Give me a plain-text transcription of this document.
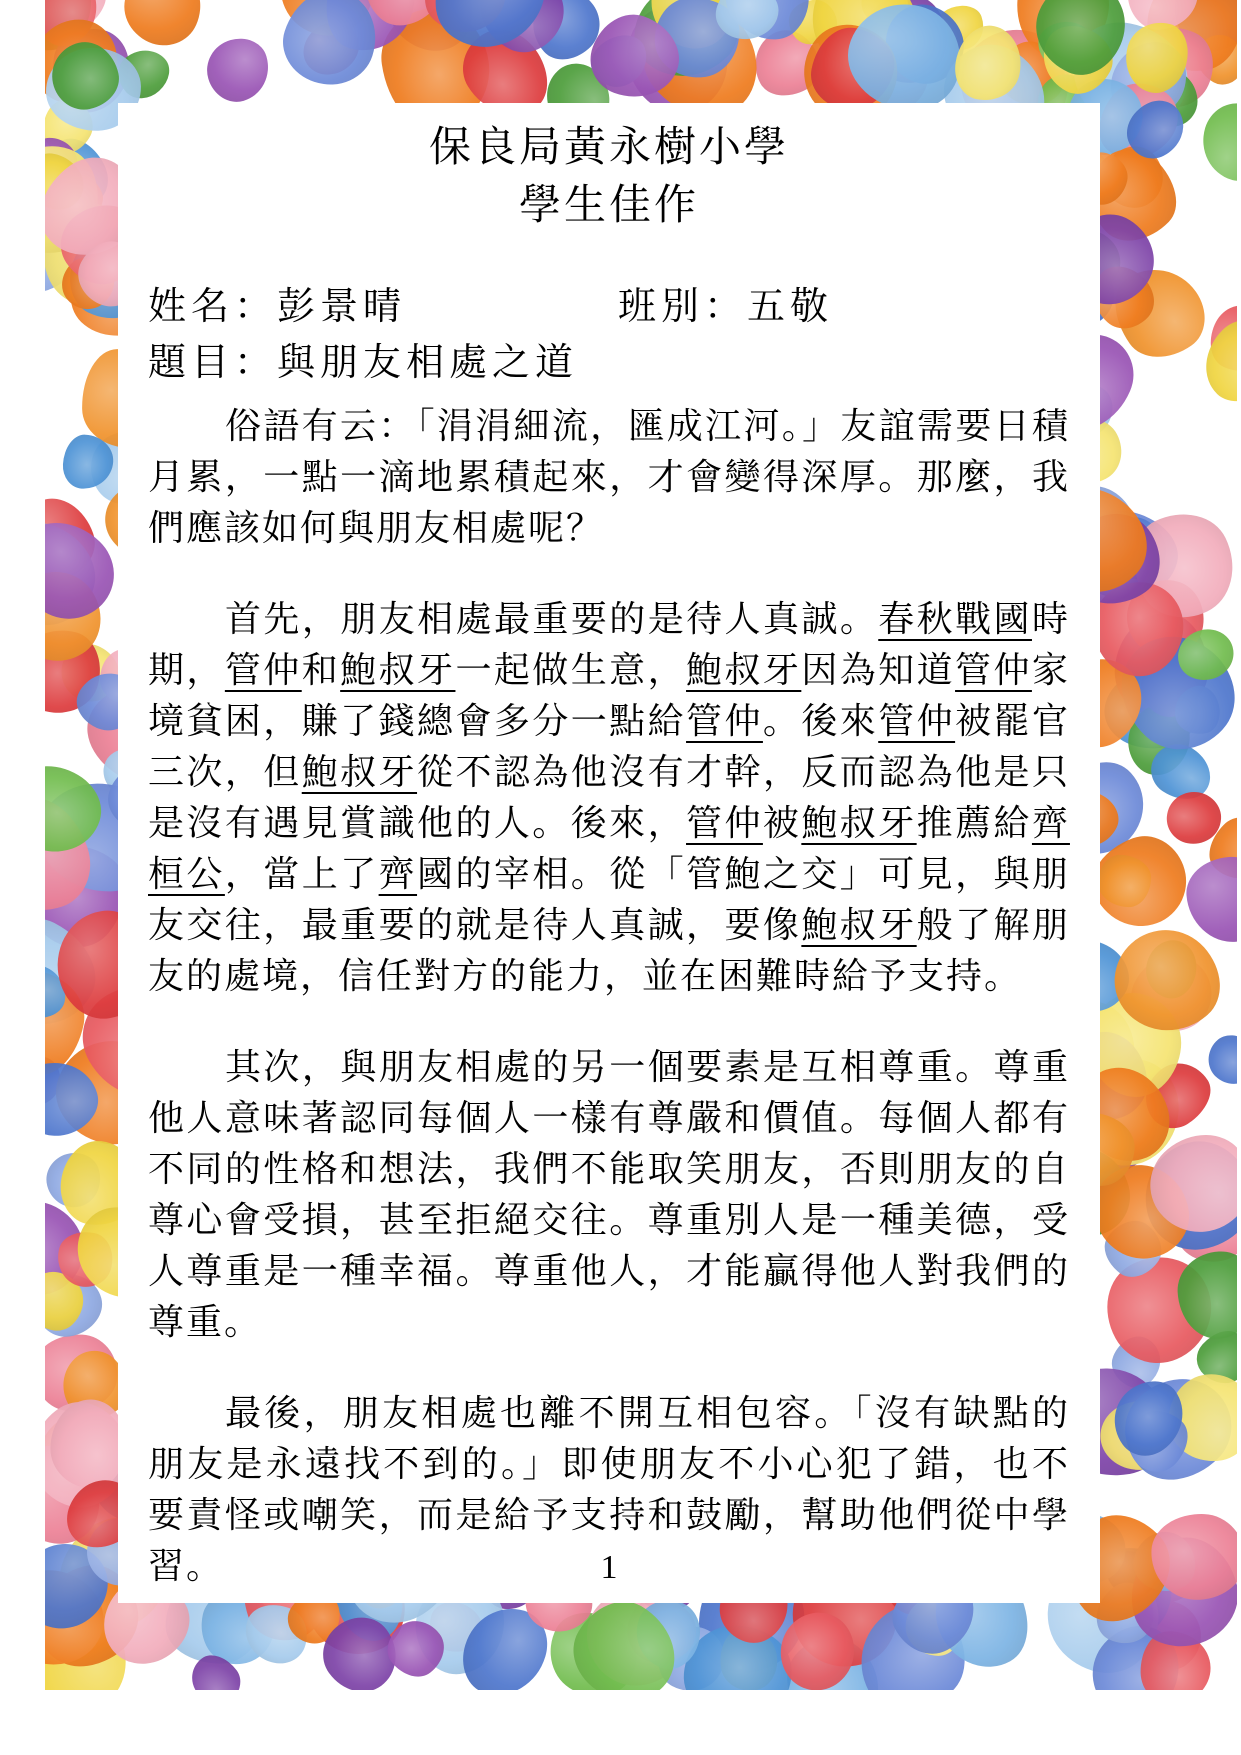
保良局黃永樹小學
學生佳作
姓名：彭景晴	班別：五敬
題目：與朋友相處之道

俗語有云：「涓涓細流，匯成江河。」友誼需要日積月累，一點一滴地累積起來，才會變得深厚。那麼，我們應該如何與朋友相處呢？

首先，朋友相處最重要的是待人真誠。春秋戰國時期，管仲和鮑叔牙一起做生意，鮑叔牙因為知道管仲家境貧困，賺了錢總會多分一點給管仲。後來管仲被罷官三次，但鮑叔牙從不認為他沒有才幹，反而認為他是只是沒有遇見賞識他的人。後來，管仲被鮑叔牙推薦給齊桓公，當上了齊國的宰相。從「管鮑之交」可見，與朋友交往，最重要的就是待人真誠，要像鮑叔牙般了解朋友的處境，信任對方的能力，並在困難時給予支持。

其次，與朋友相處的另一個要素是互相尊重。尊重他人意味著認同每個人一樣有尊嚴和價值。每個人都有不同的性格和想法，我們不能取笑朋友，否則朋友的自尊心會受損，甚至拒絕交往。尊重別人是一種美德，受人尊重是一種幸福。尊重他人，才能贏得他人對我們的尊重。

最後，朋友相處也離不開互相包容。「沒有缺點的朋友是永遠找不到的。」即使朋友不小心犯了錯，也不要責怪或嘲笑，而是給予支持和鼓勵，幫助他們從中學習。	1
